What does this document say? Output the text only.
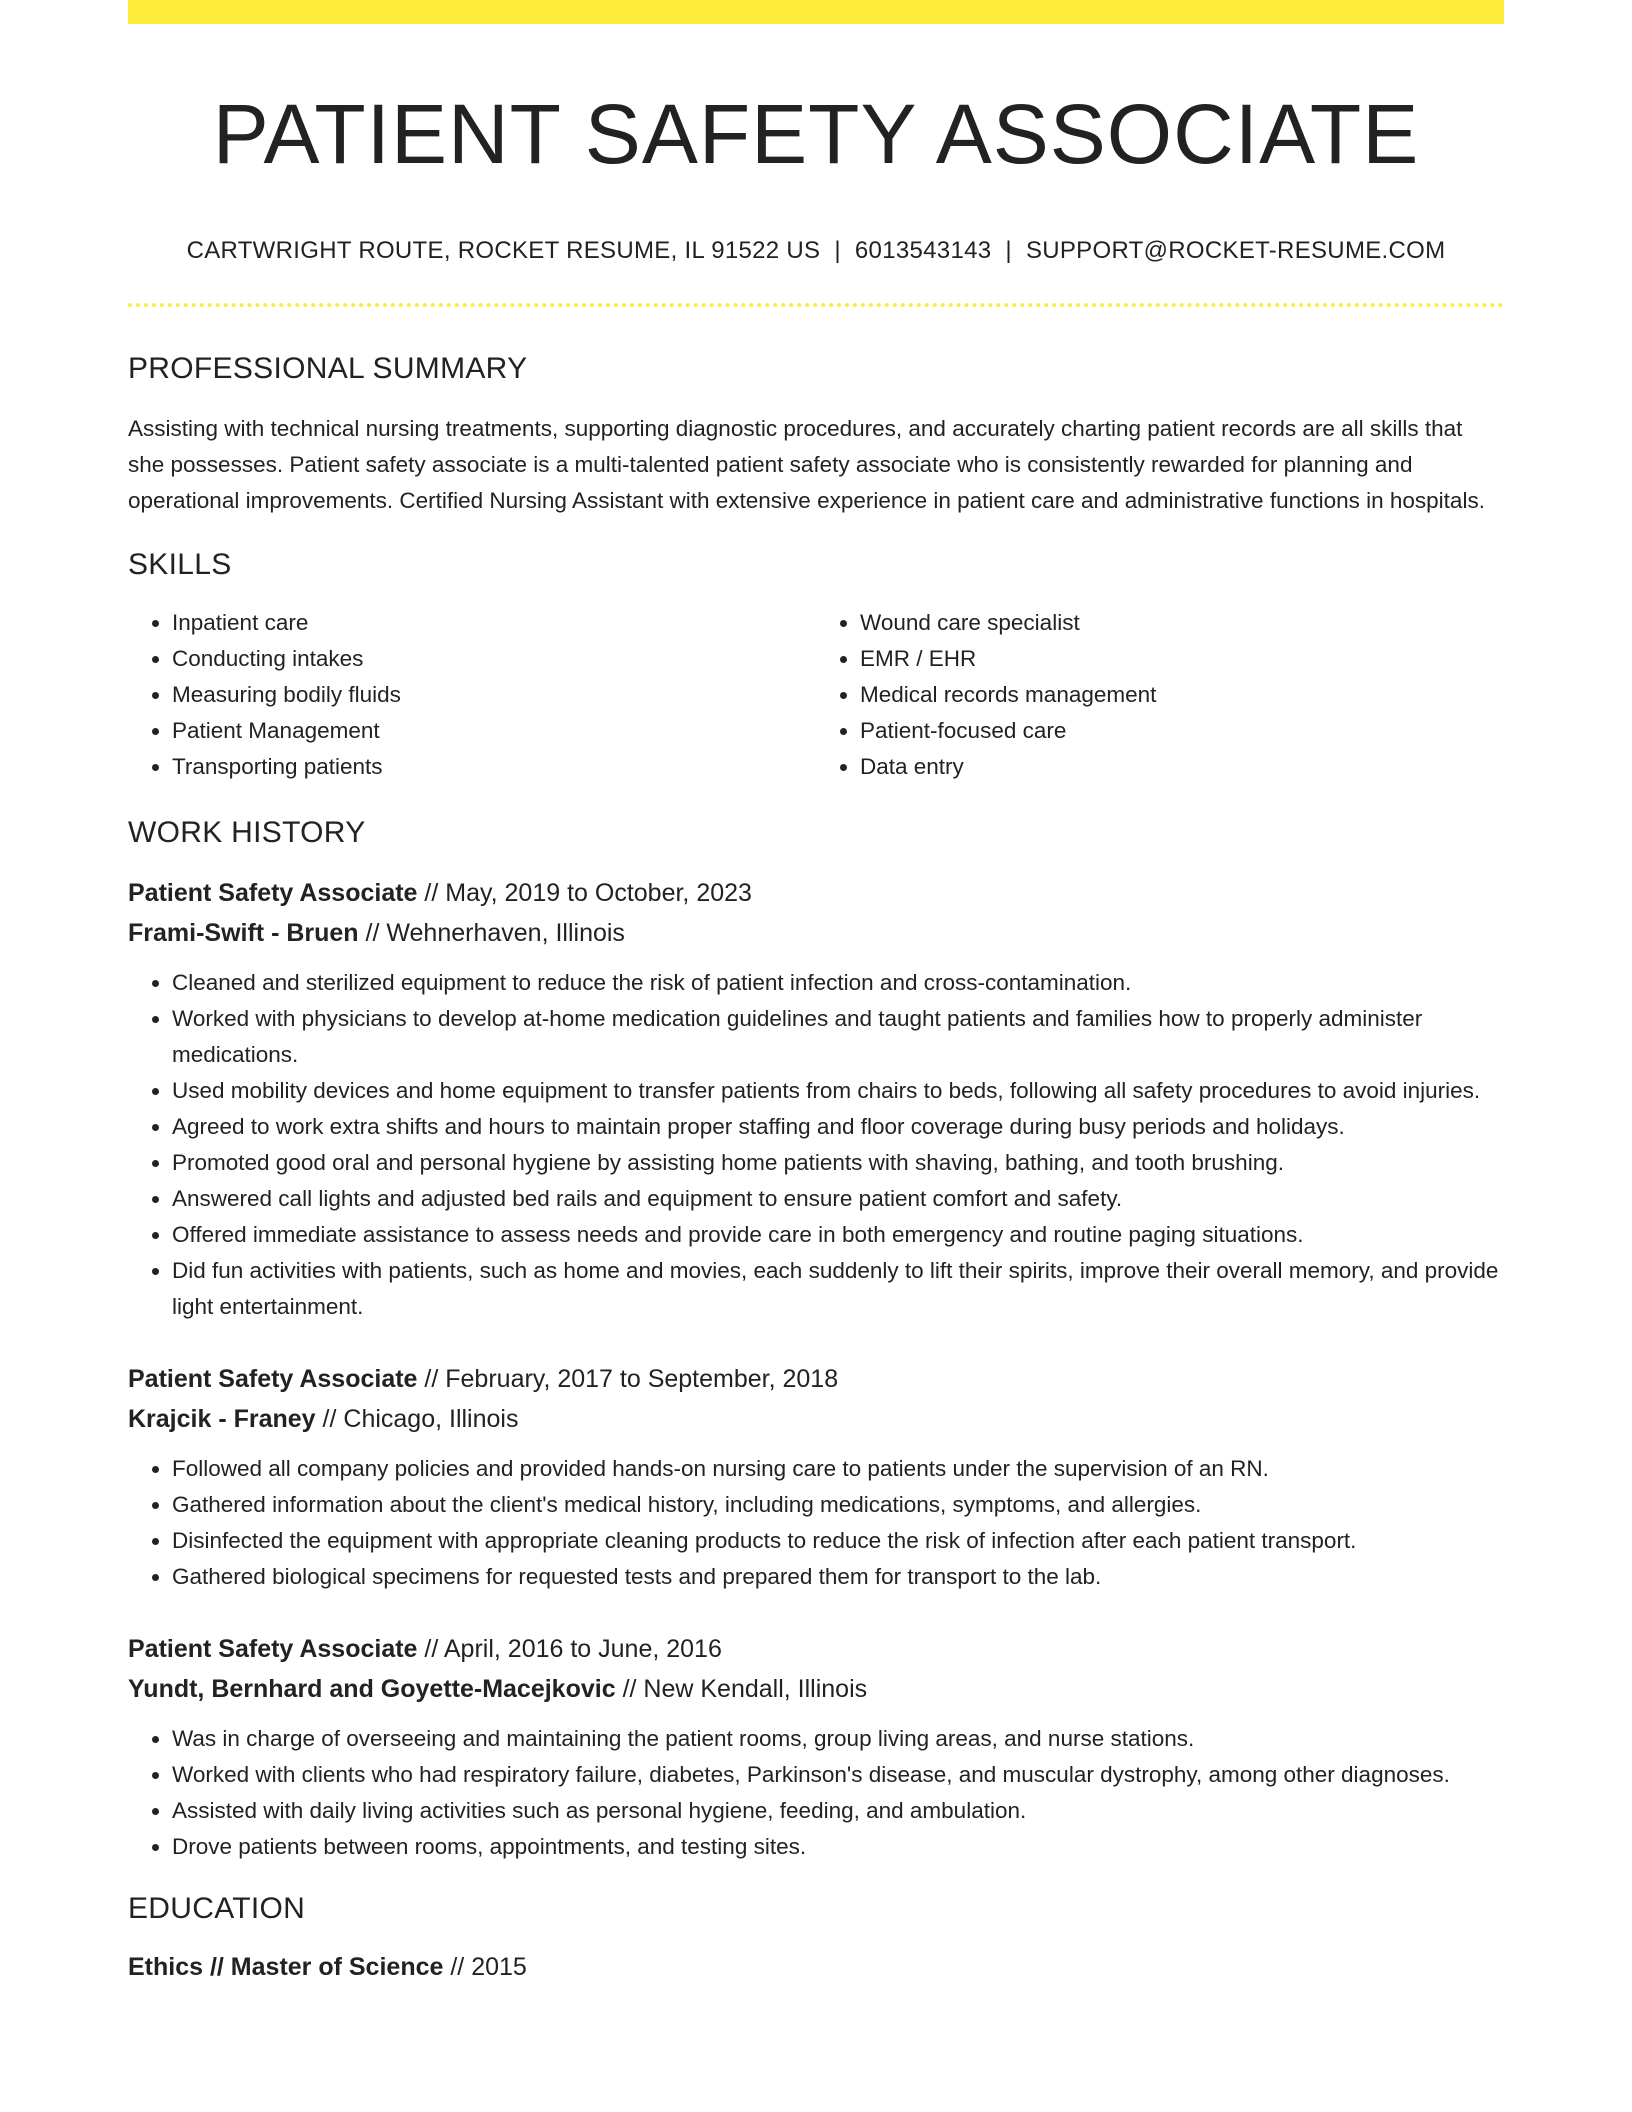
PATIENT SAFETY ASSOCIATE
CARTWRIGHT ROUTE, ROCKET RESUME, IL 91522 US | 6013543143 | SUPPORT@ROCKET-RESUME.COM
PROFESSIONAL SUMMARY

Assisting with technical nursing treatments, supporting diagnostic procedures, and accurately charting patient records are all skills that she possesses. Patient safety associate is a multi-talented patient safety associate who is consistently rewarded for planning and operational improvements. Certified Nursing Assistant with extensive experience in patient care and administrative functions in hospitals.

SKILLS
• Inpatient care
• Conducting intakes
• Measuring bodily fluids
• Patient Management
• Transporting patients
• Wound care specialist
• EMR / EHR
• Medical records management
• Patient-focused care
• Data entry
WORK HISTORY
Patient Safety Associate // May, 2019 to October, 2023
Frami-Swift - Bruen // Wehnerhaven, Illinois
• Cleaned and sterilized equipment to reduce the risk of patient infection and cross-contamination.
• Worked with physicians to develop at-home medication guidelines and taught patients and families how to properly administer medications.
• Used mobility devices and home equipment to transfer patients from chairs to beds, following all safety procedures to avoid injuries.
• Agreed to work extra shifts and hours to maintain proper staffing and floor coverage during busy periods and holidays.
• Promoted good oral and personal hygiene by assisting home patients with shaving, bathing, and tooth brushing.
• Answered call lights and adjusted bed rails and equipment to ensure patient comfort and safety.
• Offered immediate assistance to assess needs and provide care in both emergency and routine paging situations.
• Did fun activities with patients, such as home and movies, each suddenly to lift their spirits, improve their overall memory, and provide light entertainment.
Patient Safety Associate // February, 2017 to September, 2018
Krajcik - Franey // Chicago, Illinois
• Followed all company policies and provided hands-on nursing care to patients under the supervision of an RN.
• Gathered information about the client's medical history, including medications, symptoms, and allergies.
• Disinfected the equipment with appropriate cleaning products to reduce the risk of infection after each patient transport.
• Gathered biological specimens for requested tests and prepared them for transport to the lab.
Patient Safety Associate // April, 2016 to June, 2016
Yundt, Bernhard and Goyette-Macejkovic // New Kendall, Illinois
• Was in charge of overseeing and maintaining the patient rooms, group living areas, and nurse stations.
• Worked with clients who had respiratory failure, diabetes, Parkinson's disease, and muscular dystrophy, among other diagnoses.
• Assisted with daily living activities such as personal hygiene, feeding, and ambulation.
• Drove patients between rooms, appointments, and testing sites.
EDUCATION
Ethics // Master of Science // 2015
